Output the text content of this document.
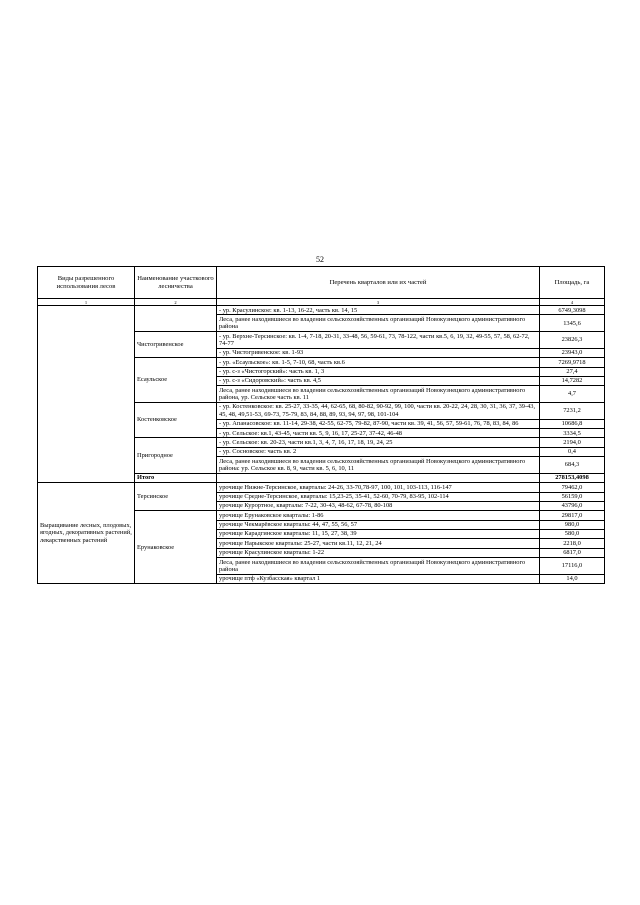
52
Виды разрешенного использования лесов	Наименование участкового лесничества	Перечень кварталов или их частей	Площадь, га
1	2	3	4
		- ур. Красулинское: кв. 1-13, 16-22, часть кв. 14, 15	6749,3098
		Леса, ранее находившиеся во владении сельскохозяйственных организаций Новокузнецкого административного района	1345,6
	Чистогривенское	- ур. Верхне-Терсинское: кв. 1-4, 7-18, 20-31, 33-48, 56, 59-61, 73, 78-122, части кв.5, 6, 19, 32, 49-55, 57, 58, 62-72, 74-77	23826,3
		- ур. Чистогривенское: кв. 1-93	23943,0
	Есаульское	- ур. «Есаульское»: кв. 1-5, 7-10, 68, часть кв.6	7269,9718
		- ур. с-з «Чистогорский»: часть кв. 1, 3	27,4
		- ур. с-з «Сидоровский»: часть кв. 4,5	14,7282
		Леса, ранее находившиеся во владении сельскохозяйственных организаций Новокузнецкого административного района, ур. Сельское часть кв. 11	4,7
	Костенковское	- ур. Костенковское: кв. 25-27, 33-35, 44, 62-65, 68, 80-82, 90-92, 99, 100, части кв. 20-22, 24, 28, 30, 31, 36, 37, 39-43, 45, 48, 49,51-53, 69-73, 75-79, 83, 84, 88, 89, 93, 94, 97, 98, 101-104	7231,2
		- ур. Апанасовское: кв. 11-14, 29-38, 42-55, 62-75, 79-82, 87-90, части кв. 39, 41, 56, 57, 59-61, 76, 78, 83, 84, 86	10686,8
		- ур. Сельское: кв.1, 43-45, части кв. 5, 9, 16, 17, 25-27, 37-42, 46-48	3334,5
	Пригородное	- ур. Сельское: кв. 20-23, части кв.1, 3, 4, 7, 16, 17, 18, 19, 24, 25	2194,0
		- ур. Сосновское: часть кв. 2	0,4
		Леса, ранее находившиеся во владении сельскохозяйственных организаций Новокузнецкого административного района: ур. Сельское кв. 8, 9, части кв. 5, 6, 10, 11	684,3
	Итого		278153,4098
Выращивание лесных, плодовых, ягодных, декоративных растений, лекарственных растений	Терсинское	урочище Нижне-Терсинское, кварталы: 24-26, 33-70,78-97, 100, 101, 103-113, 116-147	79462,0
		урочище Средне-Терсинское, кварталы: 15,23-25, 35-41, 52-60, 70-79, 83-95, 102-114	56159,0
		урочище Курортное, кварталы: 7-22, 30-43, 48-62, 67-78, 80-108	43796,0
	Ерунаковское	урочище Ерунаковское кварталы: 1-86	29817,0
		урочище Чекмарёвское кварталы: 44, 47, 55, 56, 57	980,0
		урочище Карадгинское кварталы: 11, 15, 27, 38, 39	580,0
		урочище Нарыкское кварталы: 25-27, части кв.11, 12, 21, 24	2218,0
		урочище Красулинское кварталы: 1-22	6817,0
		Леса, ранее находившиеся во владении сельскохозяйственных организаций Новокузнецкого административного района	17116,0
		урочище птф «Кузбасская» квартал 1	14,0
